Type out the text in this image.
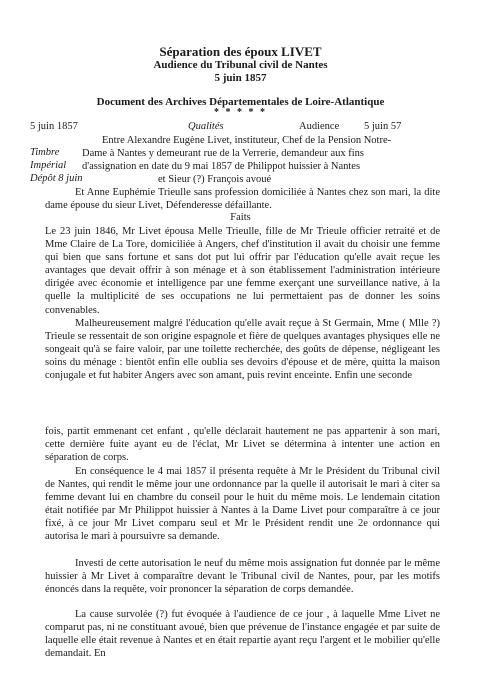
Séparation des époux LIVET
Audience du Tribunal civil de Nantes
5 juin 1857
Document des Archives Départementales de Loire-Atlantique
* * * * *
5 juin 1857	Qualités	Audience 5 juin 57
Entre Alexandre Eugène Livet, instituteur, Chef de la Pension Notre-
Timbre Dame à Nantes y demeurant rue de la Verrerie, demandeur aux fins
Impérial d'assignation en date du 9 mai 1857 de Philippot huissier à Nantes
Dépôt 8 juin	et Sieur (?) François avoué
Et Anne Euphémie Trieulle sans profession domiciliée à Nantes chez son mari, la dite dame épouse du sieur Livet, Défenderesse défaillante.
Faits

Le 23 juin 1846, Mr Livet épousa Melle Trieulle, fille de Mr Trieule officier retraité et de Mme Claire de La Tore, domiciliée à Angers, chef d'institution il avait du choisir une femme qui bien que sans fortune et sans dot put lui offrir par l'éducation qu'elle avait reçue les avantages que devait offrir à son ménage et à son établissement l'administration intérieure dirigée avec économie et intelligence par une femme exerçant une surveillance native, à la quelle la multiplicité de ses occupations ne lui permettaient pas de donner les soins convenables.

Malheureusement malgré l'éducation qu'elle avait reçue à St Germain, Mme ( Mlle ?) Trieule se ressentait de son origine espagnole et fière de quelques avantages physiques elle ne songeait qu'à se faire valoir, par une toilette recherchée, des goûts de dépense, négligeant les soins du ménage : bientôt enfin elle oublia ses devoirs d'épouse et de mère, quitta la maison conjugale et fut habiter Angers avec son amant, puis revint enceinte. Enfin une seconde

fois, partit emmenant cet enfant , qu'elle déclarait hautement ne pas appartenir à son mari, cette dernière fuite ayant eu de l'éclat, Mr Livet se détermina à intenter une action en séparation de corps.

En conséquence le 4 mai 1857 il présenta requête à Mr le Président du Tribunal civil de Nantes, qui rendit le même jour une ordonnance par la quelle il autorisait le mari à citer sa femme devant lui en chambre du conseil pour le huit du même mois. Le lendemain citation était notifiée par Mr Philippot huissier à Nantes à la Dame Livet pour comparaître à ce jour fixé, à ce jour Mr Livet comparu seul et Mr le Président rendit une 2e ordonnance qui autorisa le mari à poursuivre sa demande.

Investi de cette autorisation le neuf du même mois assignation fut donnée par le même huissier à Mr Livet à comparaître devant le Tribunal civil de Nantes, pour, par les motifs énoncés dans la requête, voir prononcer la séparation de corps demandée.

La cause survolée (?) fut évoquée à l'audience de ce jour , à laquelle Mme Livet ne comparut pas, ni ne constituant avoué, bien que prévenue de l'instance engagée et par suite de laquelle elle était revenue à Nantes et en était repartie ayant reçu l'argent et le mobilier qu'elle demandait. En
